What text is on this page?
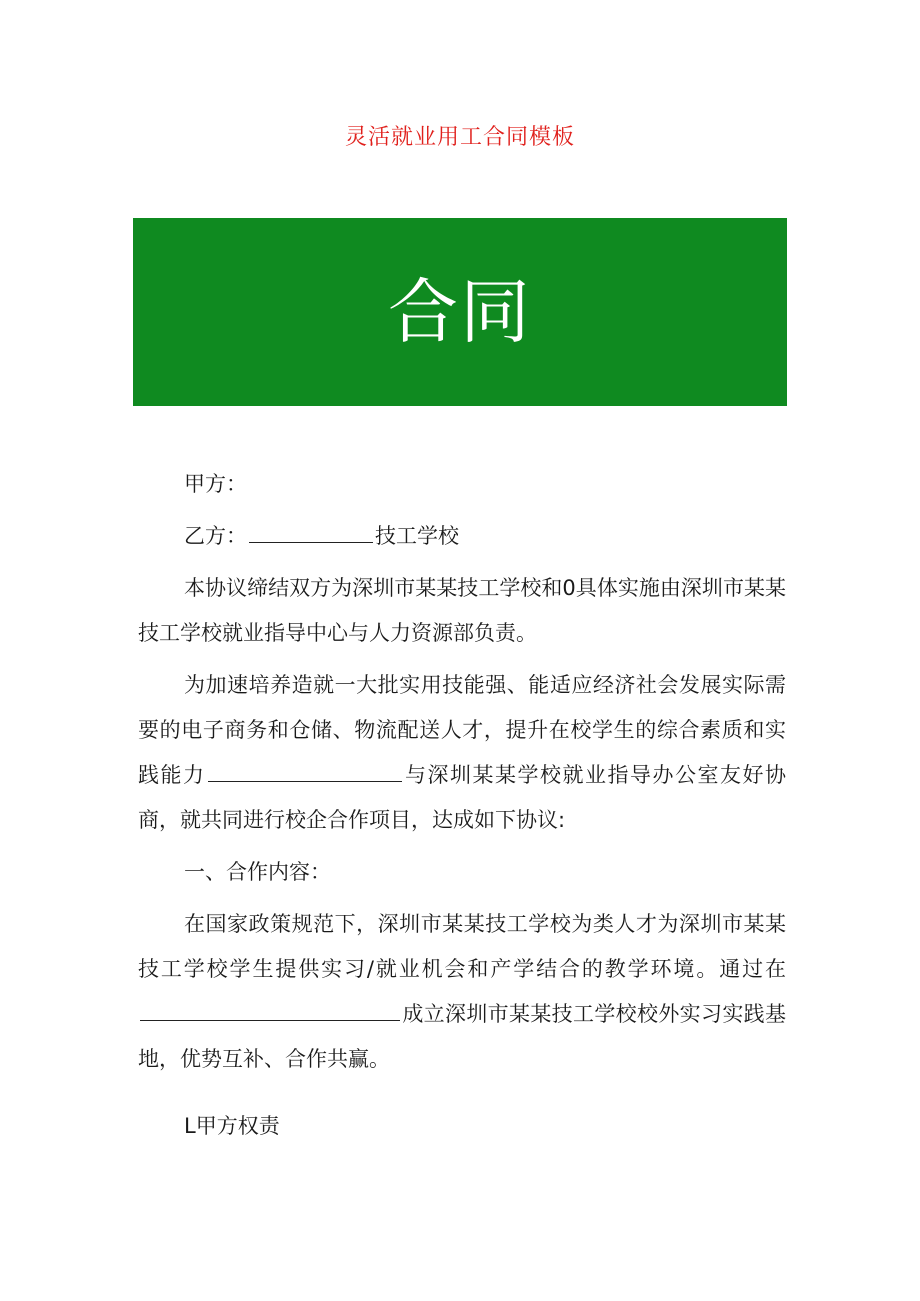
灵活就业用工合同模板
合同

甲方：

乙方：	技工学校

本协议缔结双方为深圳市某某技工学校和0具体实施由深圳市某某技工学校就业指导中心与人力资源部负责。

为加速培养造就一大批实用技能强、能适应经济社会发展实际需要的电子商务和仓储、物流配送人才，提升在校学生的综合素质和实践能力	与深圳某某学校就业指导办公室友好协商，就共同进行校企合作项目，达成如下协议:

一、合作内容：

在国家政策规范下，深圳市某某技工学校为类人才为深圳市某某技工学校学生提供实习/就业机会和产学结合的教学环境。通过在成立深圳市某某技工学校校外实习实践基地，优势互补、合作共赢。

L甲方权责
